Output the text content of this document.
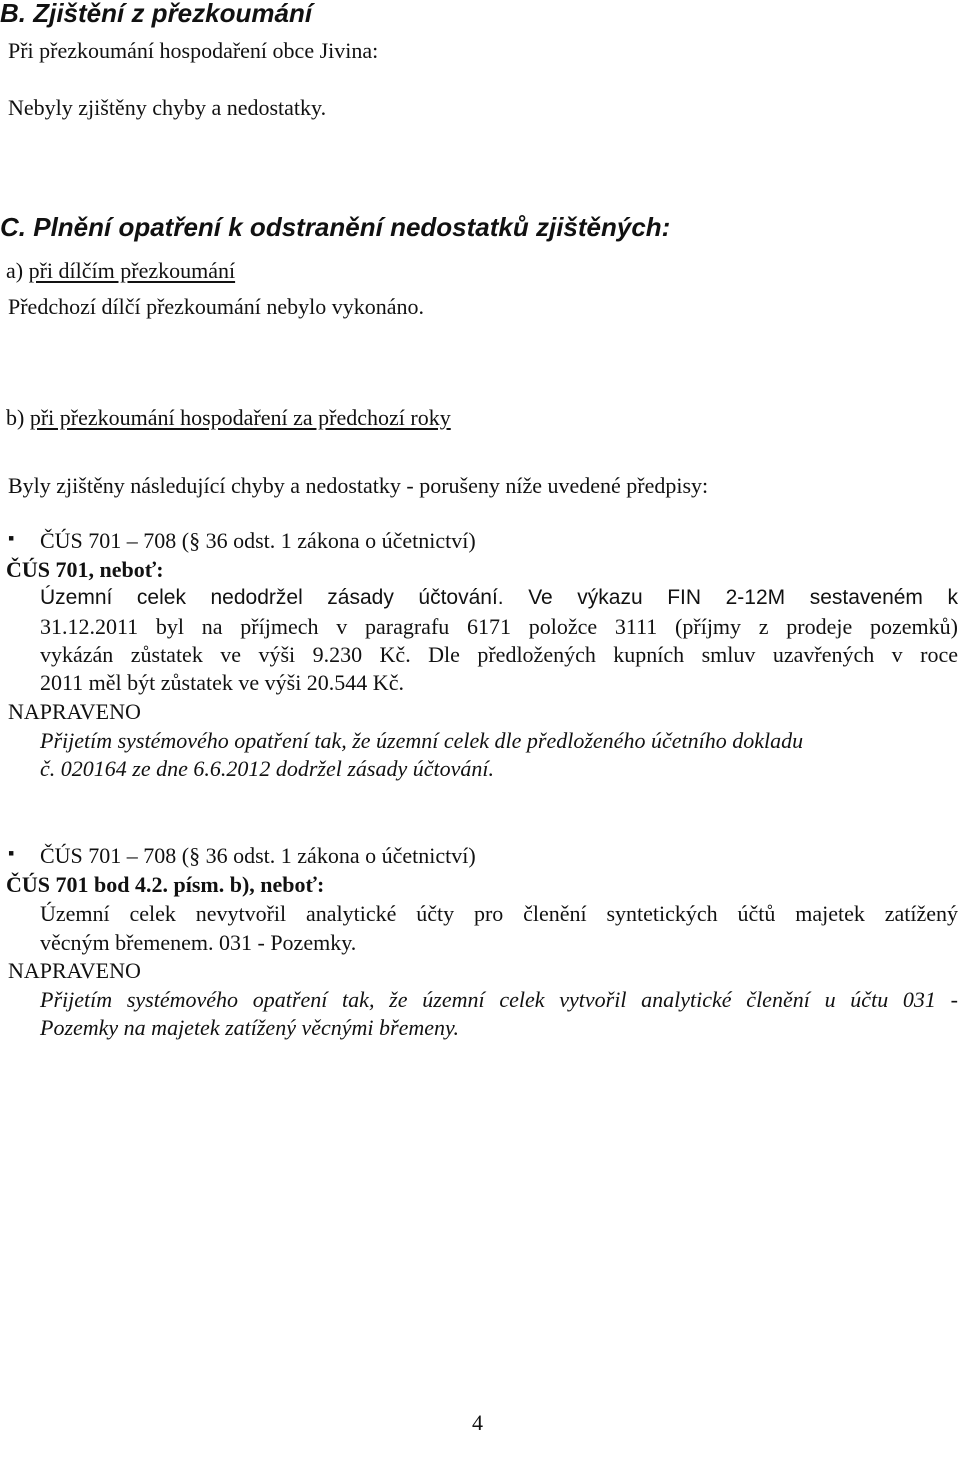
B. Zjištění z přezkoumání
Při přezkoumání hospodaření obce Jivina:
Nebyly zjištěny chyby a nedostatky.
C. Plnění opatření k odstranění nedostatků zjištěných:
a) při dílčím přezkoumání
Předchozí dílčí přezkoumání nebylo vykonáno.
b) při přezkoumání hospodaření za předchozí roky
Byly zjištěny následující chyby a nedostatky - porušeny níže uvedené předpisy:
▪ ČÚS 701 – 708 (§ 36 odst. 1 zákona o účetnictví)
ČÚS 701, neboť:
Územní celek nedodržel zásady účtování. Ve výkazu FIN 2-12M sestaveném k
31.12.2011 byl na příjmech v paragrafu 6171 položce 3111 (příjmy z prodeje pozemků)
vykázán zůstatek ve výši 9.230 Kč. Dle předložených kupních smluv uzavřených v roce
2011 měl být zůstatek ve výši 20.544 Kč.
NAPRAVENO
Přijetím systémového opatření tak, že územní celek dle předloženého účetního dokladu
č. 020164 ze dne 6.6.2012 dodržel zásady účtování.
▪ ČÚS 701 – 708 (§ 36 odst. 1 zákona o účetnictví)
ČÚS 701 bod 4.2. písm. b), neboť:
Územní celek nevytvořil analytické účty pro členění syntetických účtů majetek zatížený
věcným břemenem. 031 - Pozemky.
NAPRAVENO
Přijetím systémového opatření tak, že územní celek vytvořil analytické členění u účtu 031 -
Pozemky na majetek zatížený věcnými břemeny.
4
